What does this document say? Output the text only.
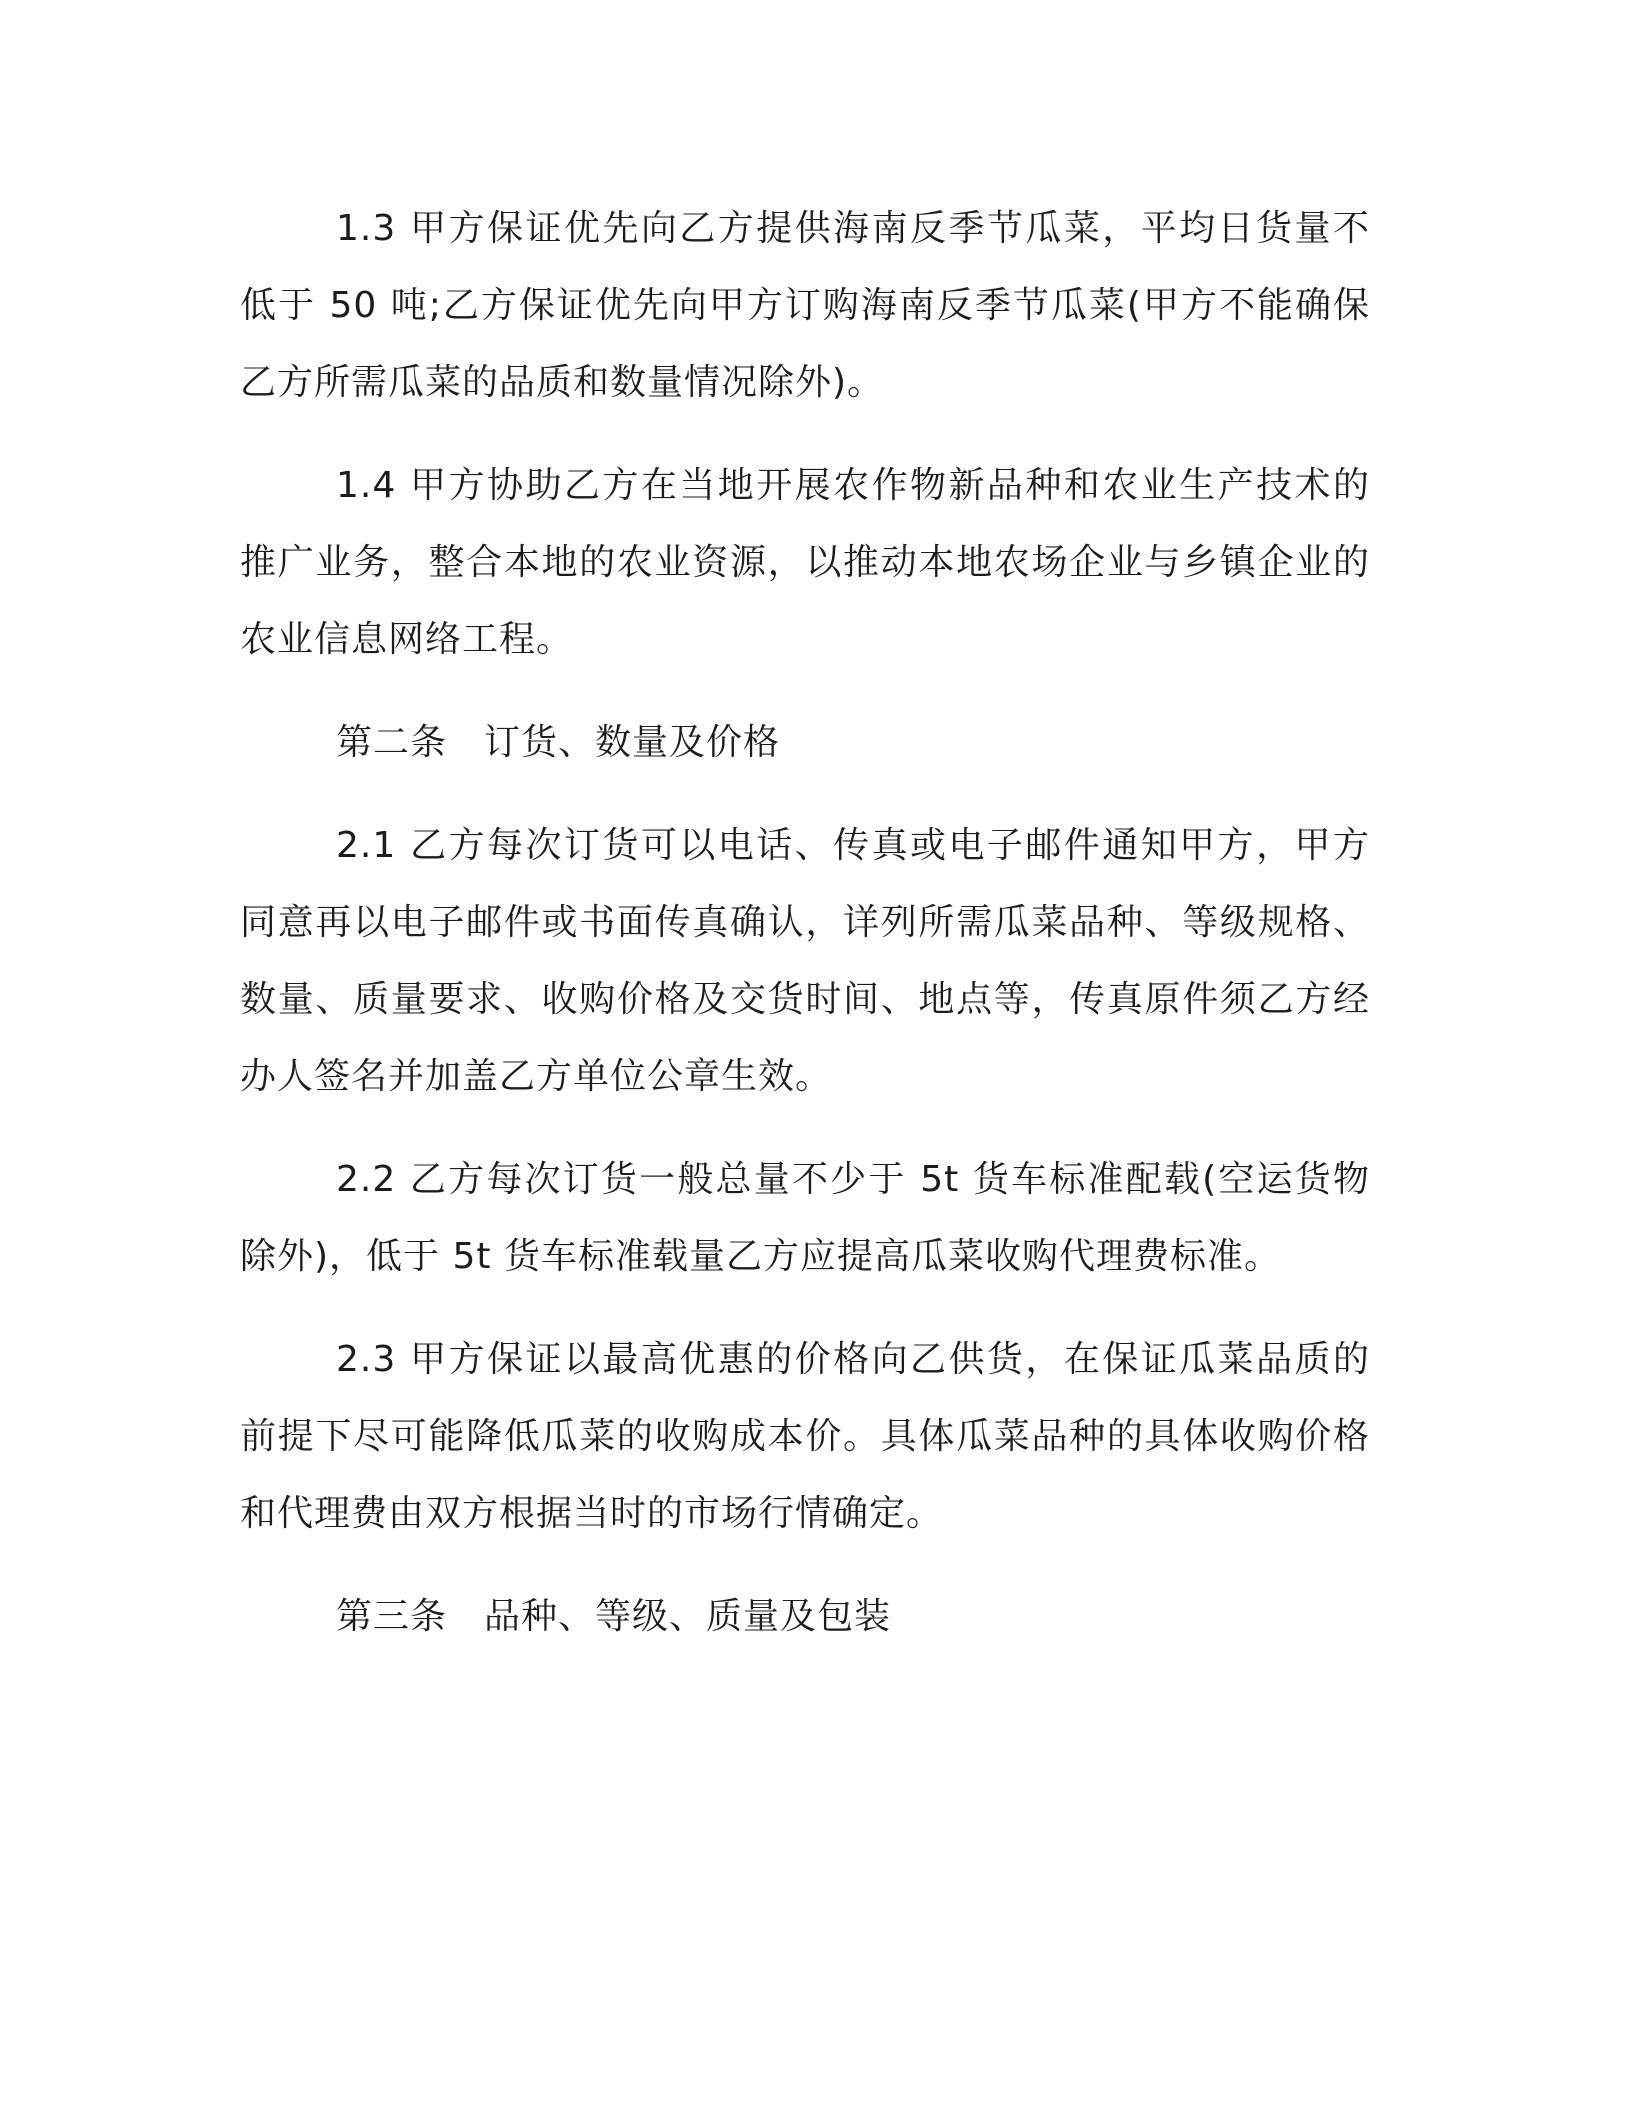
1.3 甲方保证优先向乙方提供海南反季节瓜菜，平均日货量不低于 50 吨;乙方保证优先向甲方订购海南反季节瓜菜(甲方不能确保乙方所需瓜菜的品质和数量情况除外)。

1.4 甲方协助乙方在当地开展农作物新品种和农业生产技术的推广业务，整合本地的农业资源，以推动本地农场企业与乡镇企业的农业信息网络工程。

第二条　订货、数量及价格

2.1 乙方每次订货可以电话、传真或电子邮件通知甲方，甲方同意再以电子邮件或书面传真确认，详列所需瓜菜品种、等级规格、数量、质量要求、收购价格及交货时间、地点等，传真原件须乙方经办人签名并加盖乙方单位公章生效。

2.2 乙方每次订货一般总量不少于 5t 货车标准配载(空运货物除外)，低于 5t 货车标准载量乙方应提高瓜菜收购代理费标准。

2.3 甲方保证以最高优惠的价格向乙供货，在保证瓜菜品质的前提下尽可能降低瓜菜的收购成本价。具体瓜菜品种的具体收购价格和代理费由双方根据当时的市场行情确定。

第三条　品种、等级、质量及包装
